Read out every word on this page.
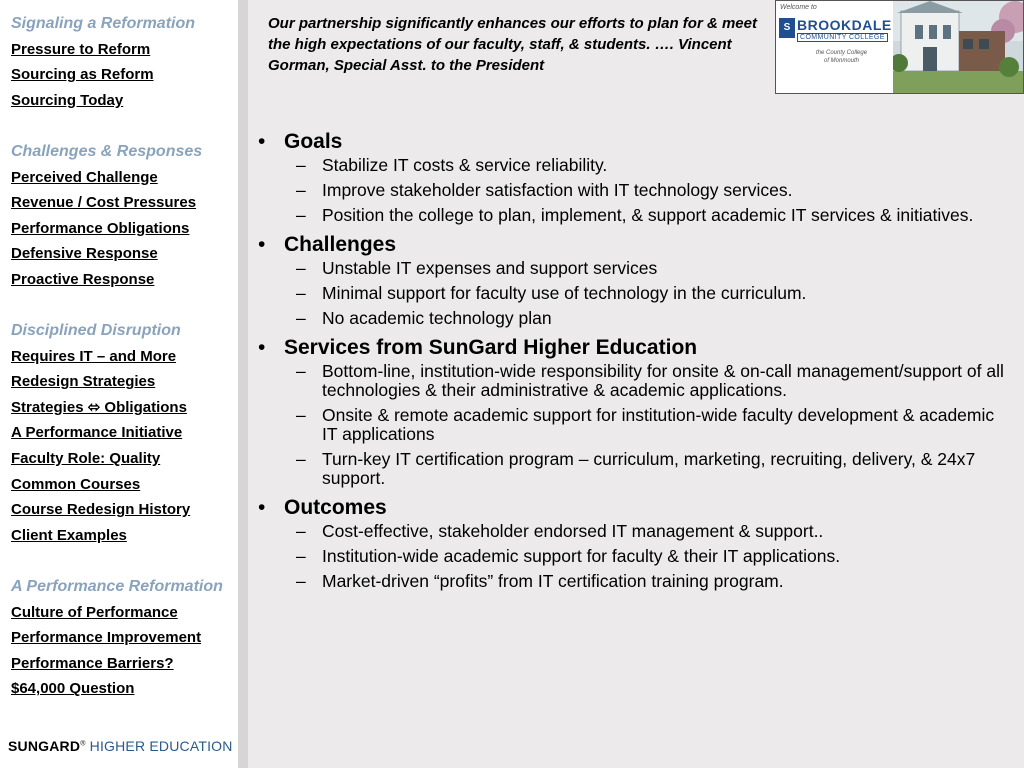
Signaling a Reformation
Pressure to Reform
Sourcing as Reform
Sourcing Today
Challenges & Responses
Perceived Challenge
Revenue / Cost Pressures
Performance Obligations
Defensive Response
Proactive Response
Disciplined Disruption
Requires IT – and More
Redesign Strategies
Strategies ⬄ Obligations
A Performance Initiative
Faculty Role: Quality
Common Courses
Course Redesign History
Client Examples
A Performance Reformation
Culture of Performance
Performance Improvement
Performance Barriers?
$64,000 Question
SUNGARD® HIGHER EDUCATION
Our partnership significantly enhances our efforts to plan for & meet the high expectations of our faculty, staff, & students. …. Vincent Gorman, Special Asst. to the President
Welcome to
S BROOKDALE
COMMUNITY COLLEGE
the County College
of Monmouth
• Goals
– Stabilize IT costs & service reliability.
– Improve stakeholder satisfaction with IT technology services.
– Position the college to plan, implement, & support academic IT services & initiatives.
• Challenges
– Unstable IT expenses and support services
– Minimal support for faculty use of technology in the curriculum.
– No academic technology plan
• Services from SunGard Higher Education
– Bottom-line, institution-wide responsibility for onsite & on-call management/support of all technologies & their administrative & academic applications.
– Onsite & remote academic support for institution-wide faculty development & academic IT applications
– Turn-key IT certification program – curriculum, marketing, recruiting, delivery, & 24x7 support.
• Outcomes
– Cost-effective, stakeholder endorsed IT management & support..
– Institution-wide academic support for faculty & their IT applications.
– Market-driven “profits” from IT certification training program.
